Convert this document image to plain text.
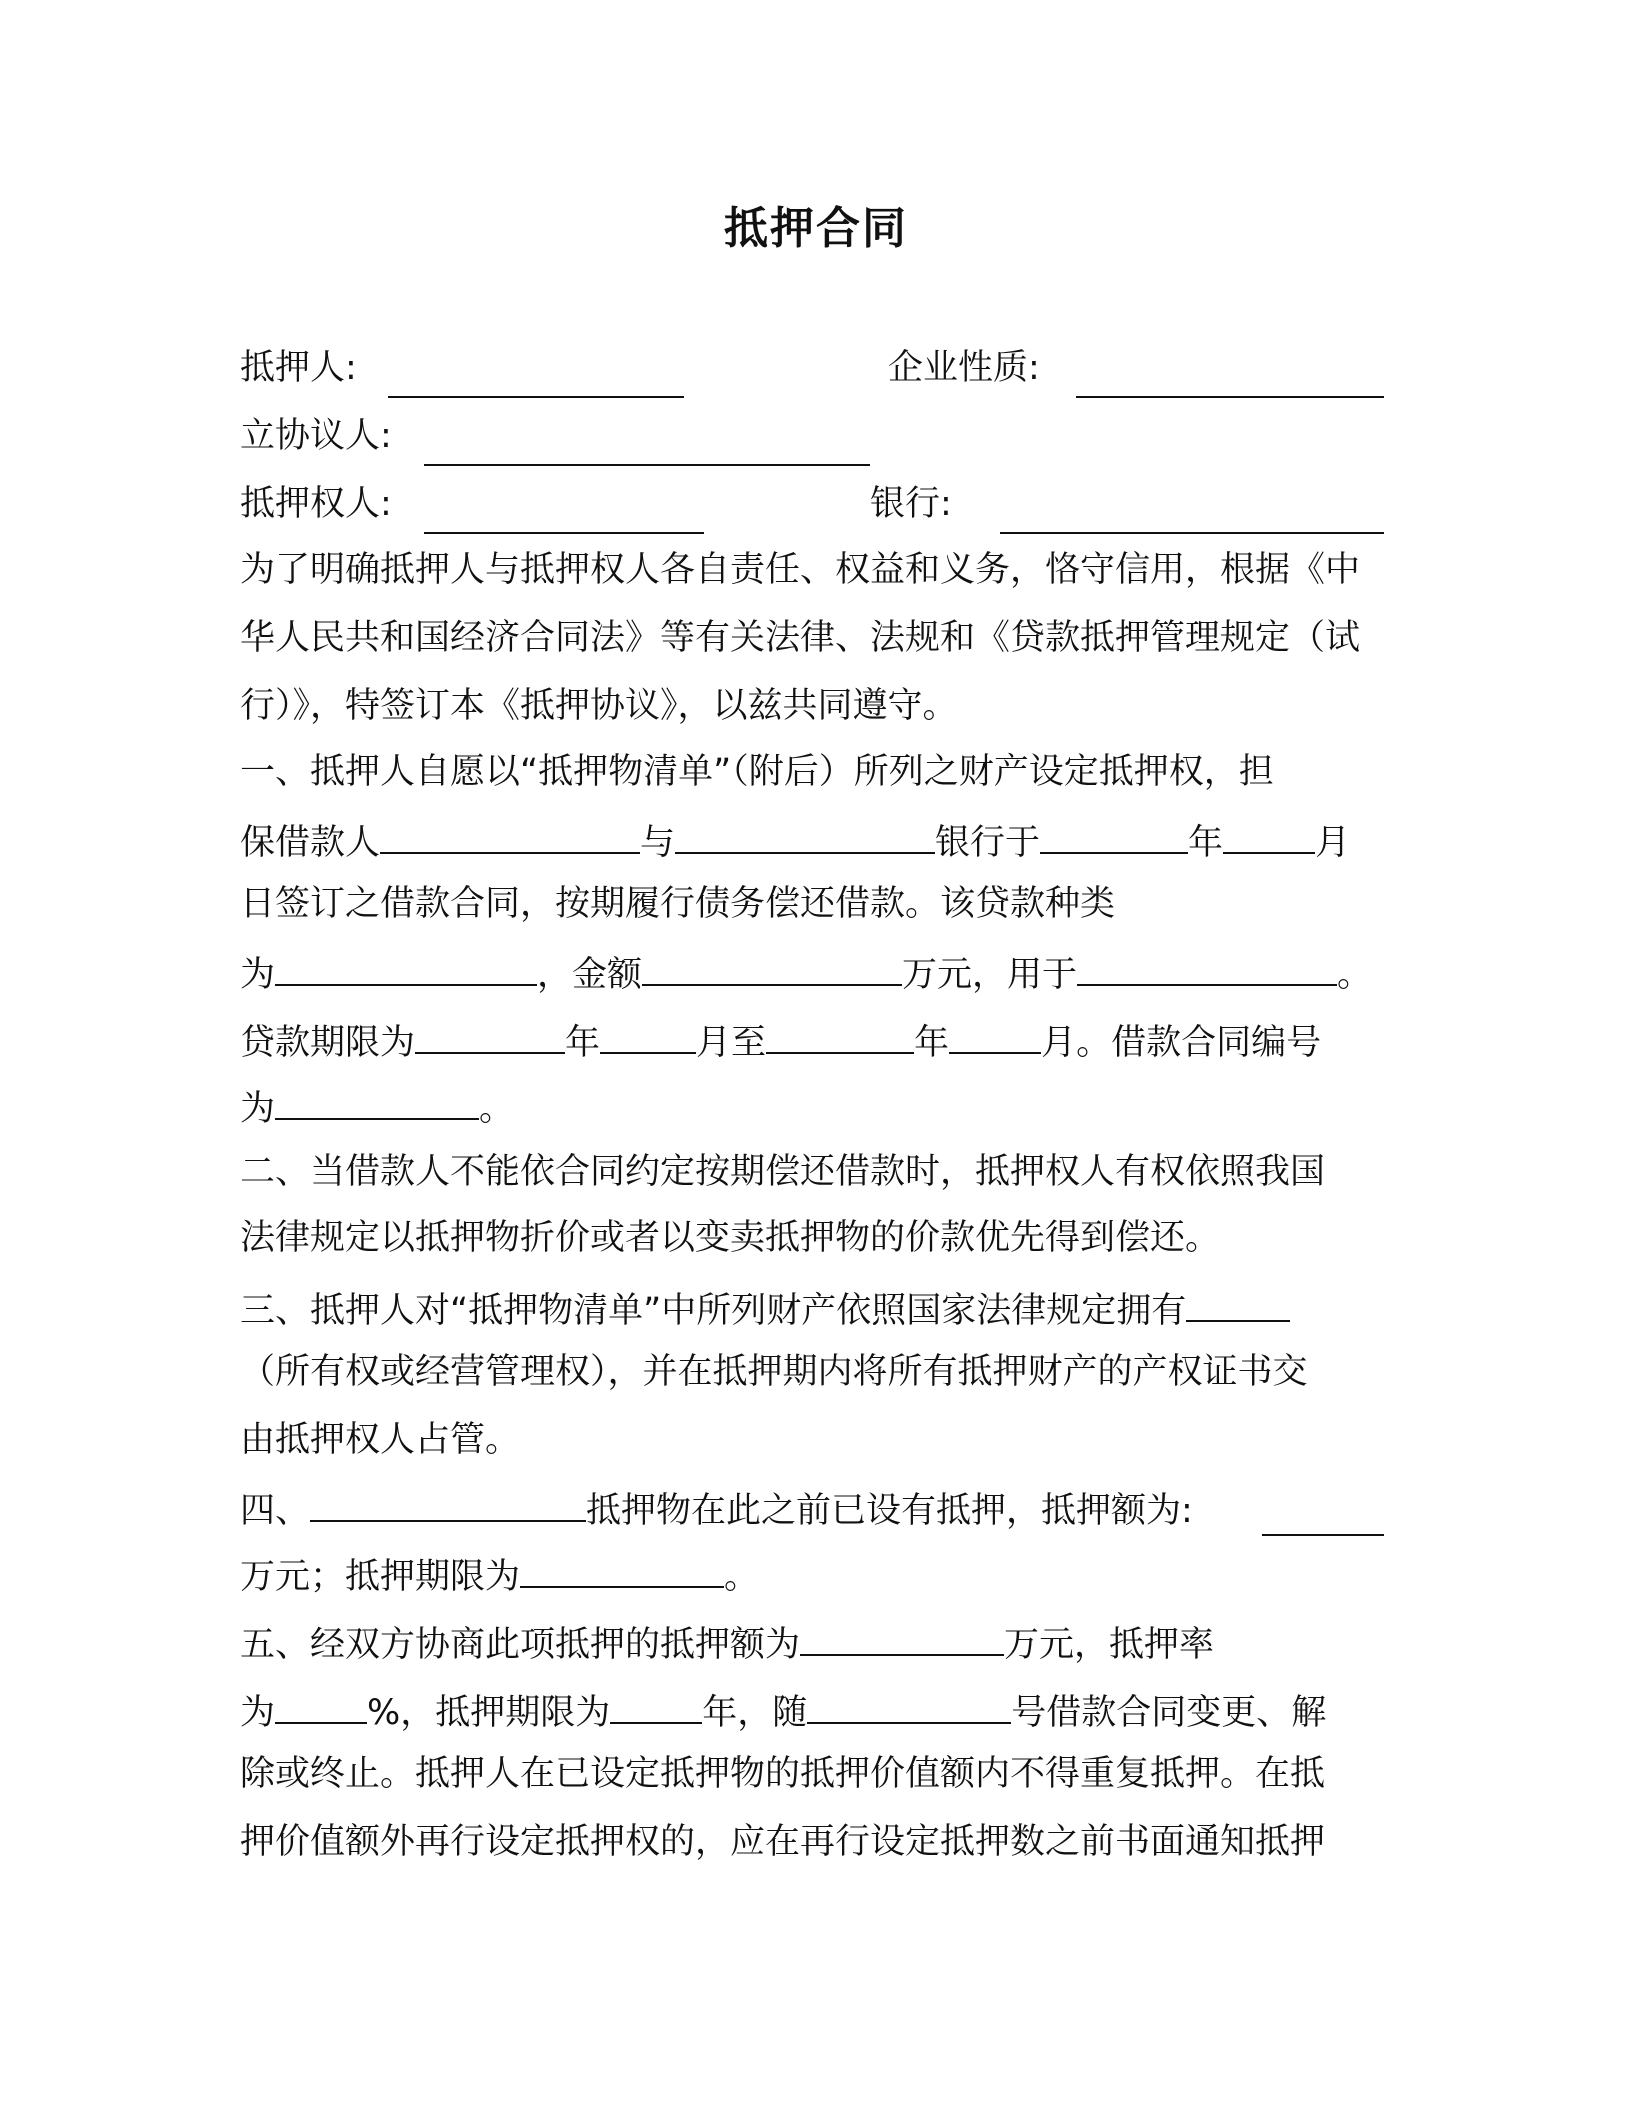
抵押合同
抵押人:	企业性质:
立协议人:
抵押权人:	银行:
为了明确抵押人与抵押权人各自责任、权益和义务，恪守信用，根据《中
华人民共和国经济合同法》等有关法律、法规和《贷款抵押管理规定（试
行）》，特签订本《抵押协议》，以兹共同遵守。
一、抵押人自愿以“抵押物清单”（附后）所列之财产设定抵押权，担
保借款人	与	银行于	年	月
日签订之借款合同，按期履行债务偿还借款。该贷款种类
为	，金额	万元，用于	。
贷款期限为	年	月至	年	月。借款合同编号
为	。
二、当借款人不能依合同约定按期偿还借款时，抵押权人有权依照我国
法律规定以抵押物折价或者以变卖抵押物的价款优先得到偿还。
三、抵押人对“抵押物清单”中所列财产依照国家法律规定拥有
（所有权或经营管理权），并在抵押期内将所有抵押财产的产权证书交
由抵押权人占管。
四、	抵押物在此之前已设有抵押，抵押额为:
万元；抵押期限为	。
五、经双方协商此项抵押的抵押额为	万元，抵押率
为	%，抵押期限为	年，随	号借款合同变更、解
除或终止。抵押人在已设定抵押物的抵押价值额内不得重复抵押。在抵
押价值额外再行设定抵押权的，应在再行设定抵押数之前书面通知抵押
